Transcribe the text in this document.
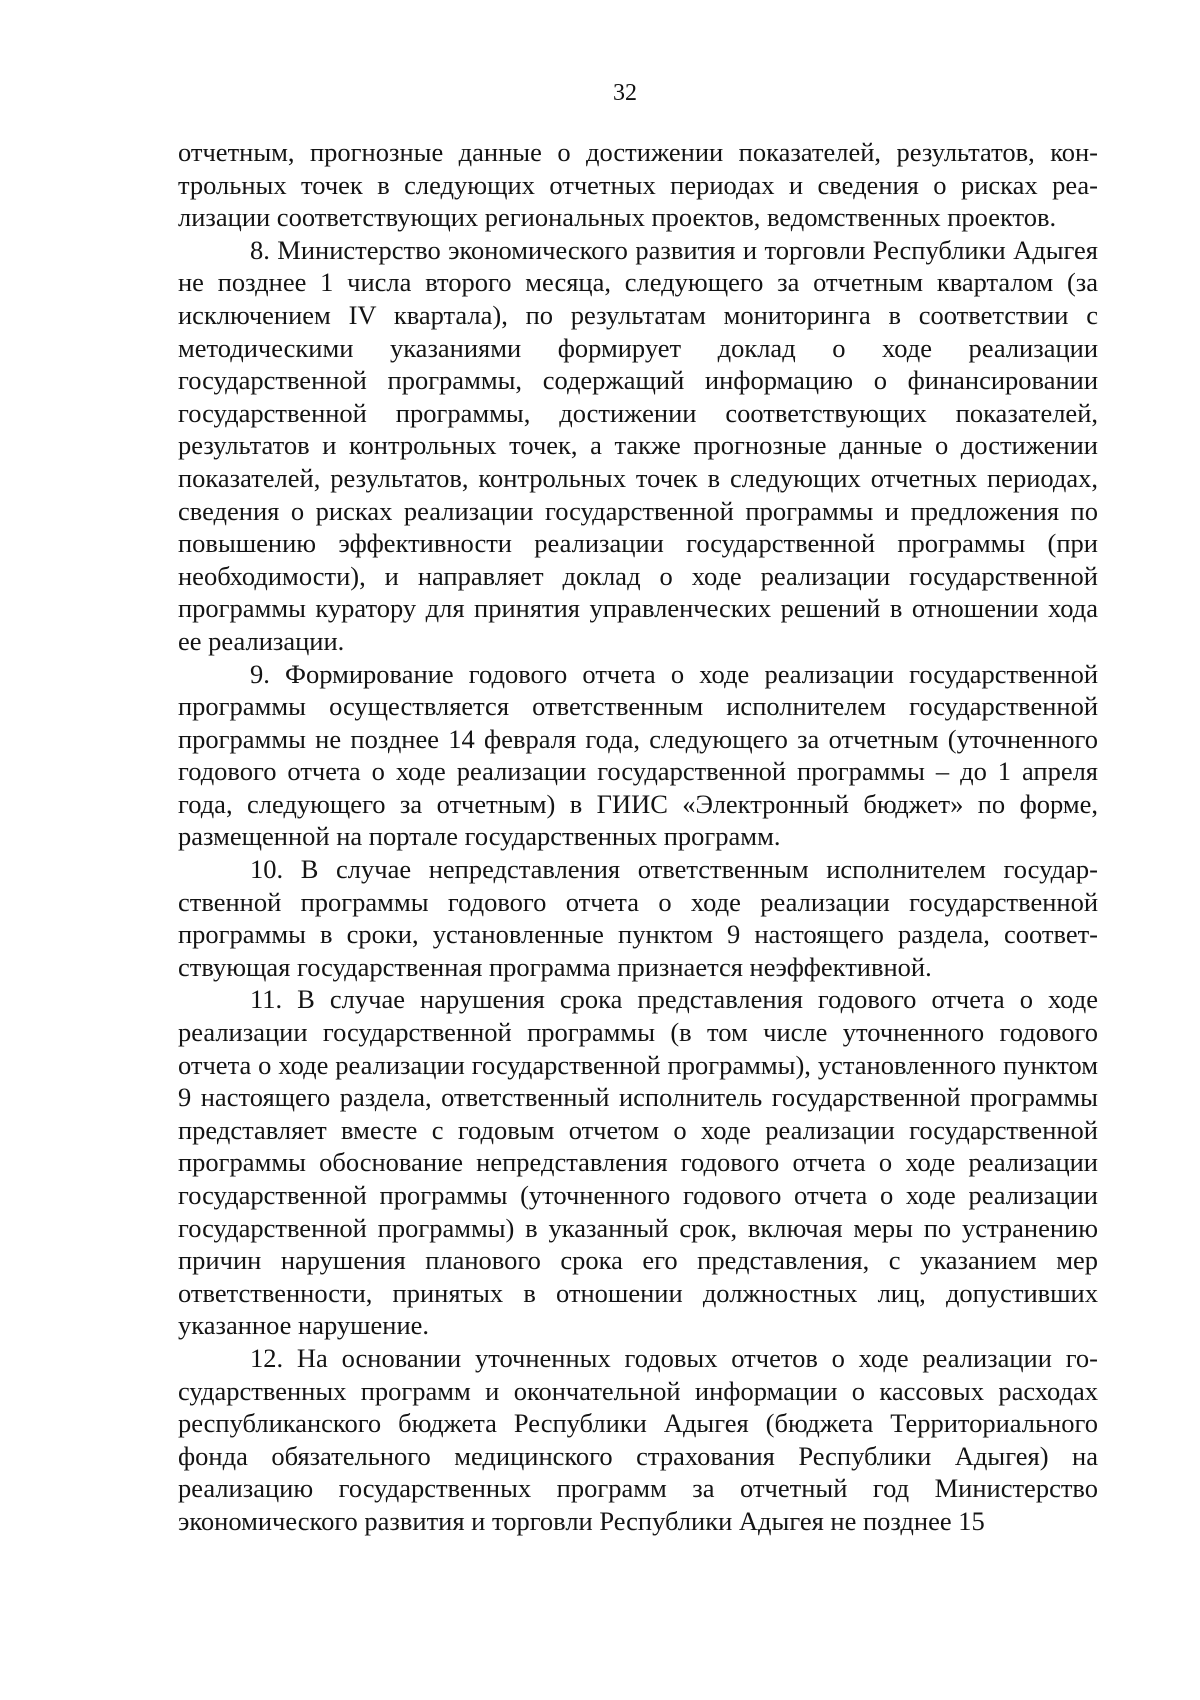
32

отчетным, прогнозные данные о достижении показателей, результатов, контрольных точек в следующих отчетных периодах и сведения о рисках реализации соответствующих региональных проектов, ведомственных проектов.

8. Министерство экономического развития и торговли Республики Адыгея не позднее 1 числа второго месяца, следующего за отчетным кварталом (за исключением IV квартала), по результатам мониторинга в соответствии с методическими указаниями формирует доклад о ходе реализации государственной программы, содержащий информацию о финансировании государственной программы, достижении соответствующих показателей, результатов и контрольных точек, а также прогнозные данные о достижении показателей, результатов, контрольных точек в следующих отчетных периодах, сведения о рисках реализации государственной программы и предложения по повышению эффективности реализации государственной программы (при необходимости), и направляет доклад о ходе реализации государственной программы куратору для принятия управленческих решений в отношении хода ее реализации.

9. Формирование годового отчета о ходе реализации государственной программы осуществляется ответственным исполнителем государственной программы не позднее 14 февраля года, следующего за отчетным (уточненного годового отчета о ходе реализации государственной программы – до 1 апреля года, следующего за отчетным) в ГИИС «Электронный бюджет» по форме, размещенной на портале государственных программ.

10. В случае непредставления ответственным исполнителем государственной программы годового отчета о ходе реализации государственной программы в сроки, установленные пунктом 9 настоящего раздела, соответствующая государственная программа признается неэффективной.

11. В случае нарушения срока представления годового отчета о ходе реализации государственной программы (в том числе уточненного годового отчета о ходе реализации государственной программы), установленного пунктом 9 настоящего раздела, ответственный исполнитель государственной программы представляет вместе с годовым отчетом о ходе реализации государственной программы обоснование непредставления годового отчета о ходе реализации государственной программы (уточненного годового отчета о ходе реализации государственной программы) в указанный срок, включая меры по устранению причин нарушения планового срока его представления, с указанием мер ответственности, принятых в отношении должностных лиц, допустивших указанное нарушение.

12. На основании уточненных годовых отчетов о ходе реализации государственных программ и окончательной информации о кассовых расходах республиканского бюджета Республики Адыгея (бюджета Территориального фонда обязательного медицинского страхования Республики Адыгея) на реализацию государственных программ за отчетный год Министерство экономического развития и торговли Республики Адыгея не позднее 15
